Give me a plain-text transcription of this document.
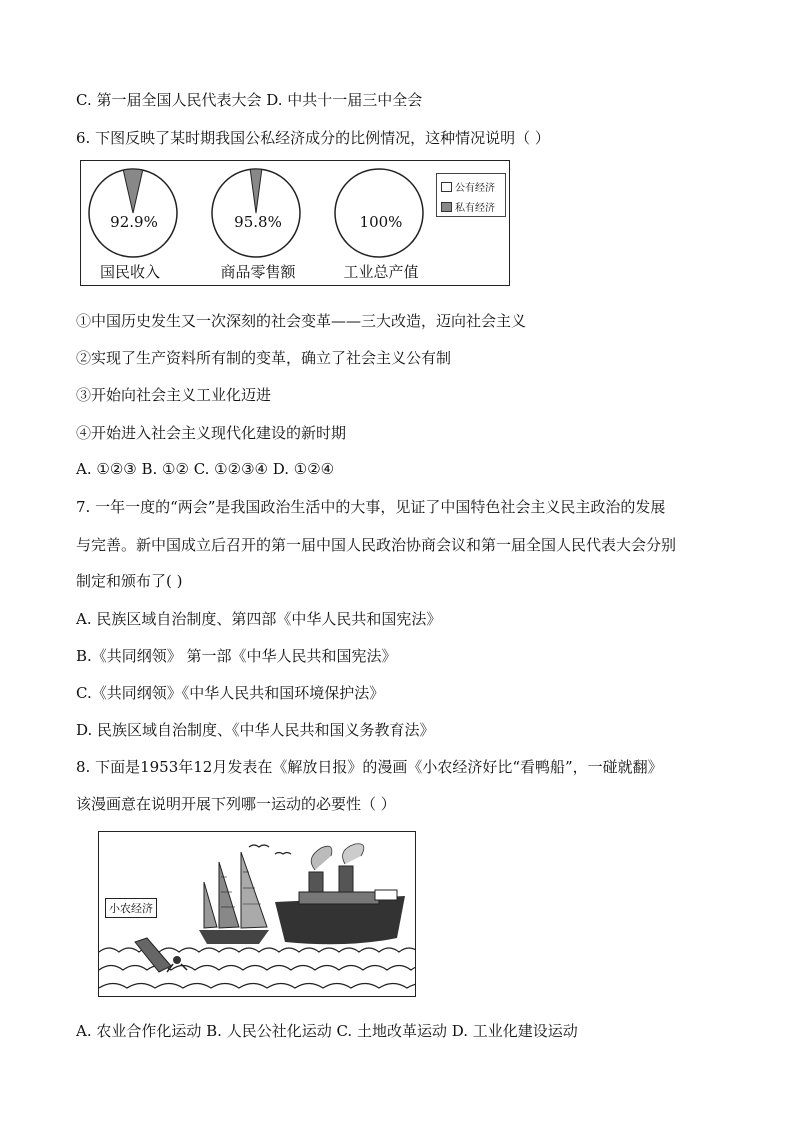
C. 第一届全国人民代表大会 D. 中共十一届三中全会
6. 下图反映了某时期我国公私经济成分的比例情况，这种情况说明（ ）
92.9%	95.8%	100%
国民收入	商品零售额	工业总产值
公有经济
私有经济
①中国历史发生又一次深刻的社会变革——三大改造，迈向社会主义
②实现了生产资料所有制的变革，确立了社会主义公有制
③开始向社会主义工业化迈进
④开始进入社会主义现代化建设的新时期
A. ①②③ B. ①② C. ①②③④ D. ①②④
7. 一年一度的“两会”是我国政治生活中的大事，见证了中国特色社会主义民主政治的发展
与完善。新中国成立后召开的第一届中国人民政治协商会议和第一届全国人民代表大会分别
制定和颁布了( )
A. 民族区域自治制度、第四部《中华人民共和国宪法》
B.《共同纲领》 第一部《中华人民共和国宪法》
C.《共同纲领》《中华人民共和国环境保护法》
D. 民族区域自治制度、《中华人民共和国义务教育法》
8. 下面是1953年12月发表在《解放日报》的漫画《小农经济好比“看鸭船”，一碰就翻》
该漫画意在说明开展下列哪一运动的必要性（ ）
小农经济
A. 农业合作化运动 B. 人民公社化运动 C. 土地改革运动 D. 工业化建设运动
